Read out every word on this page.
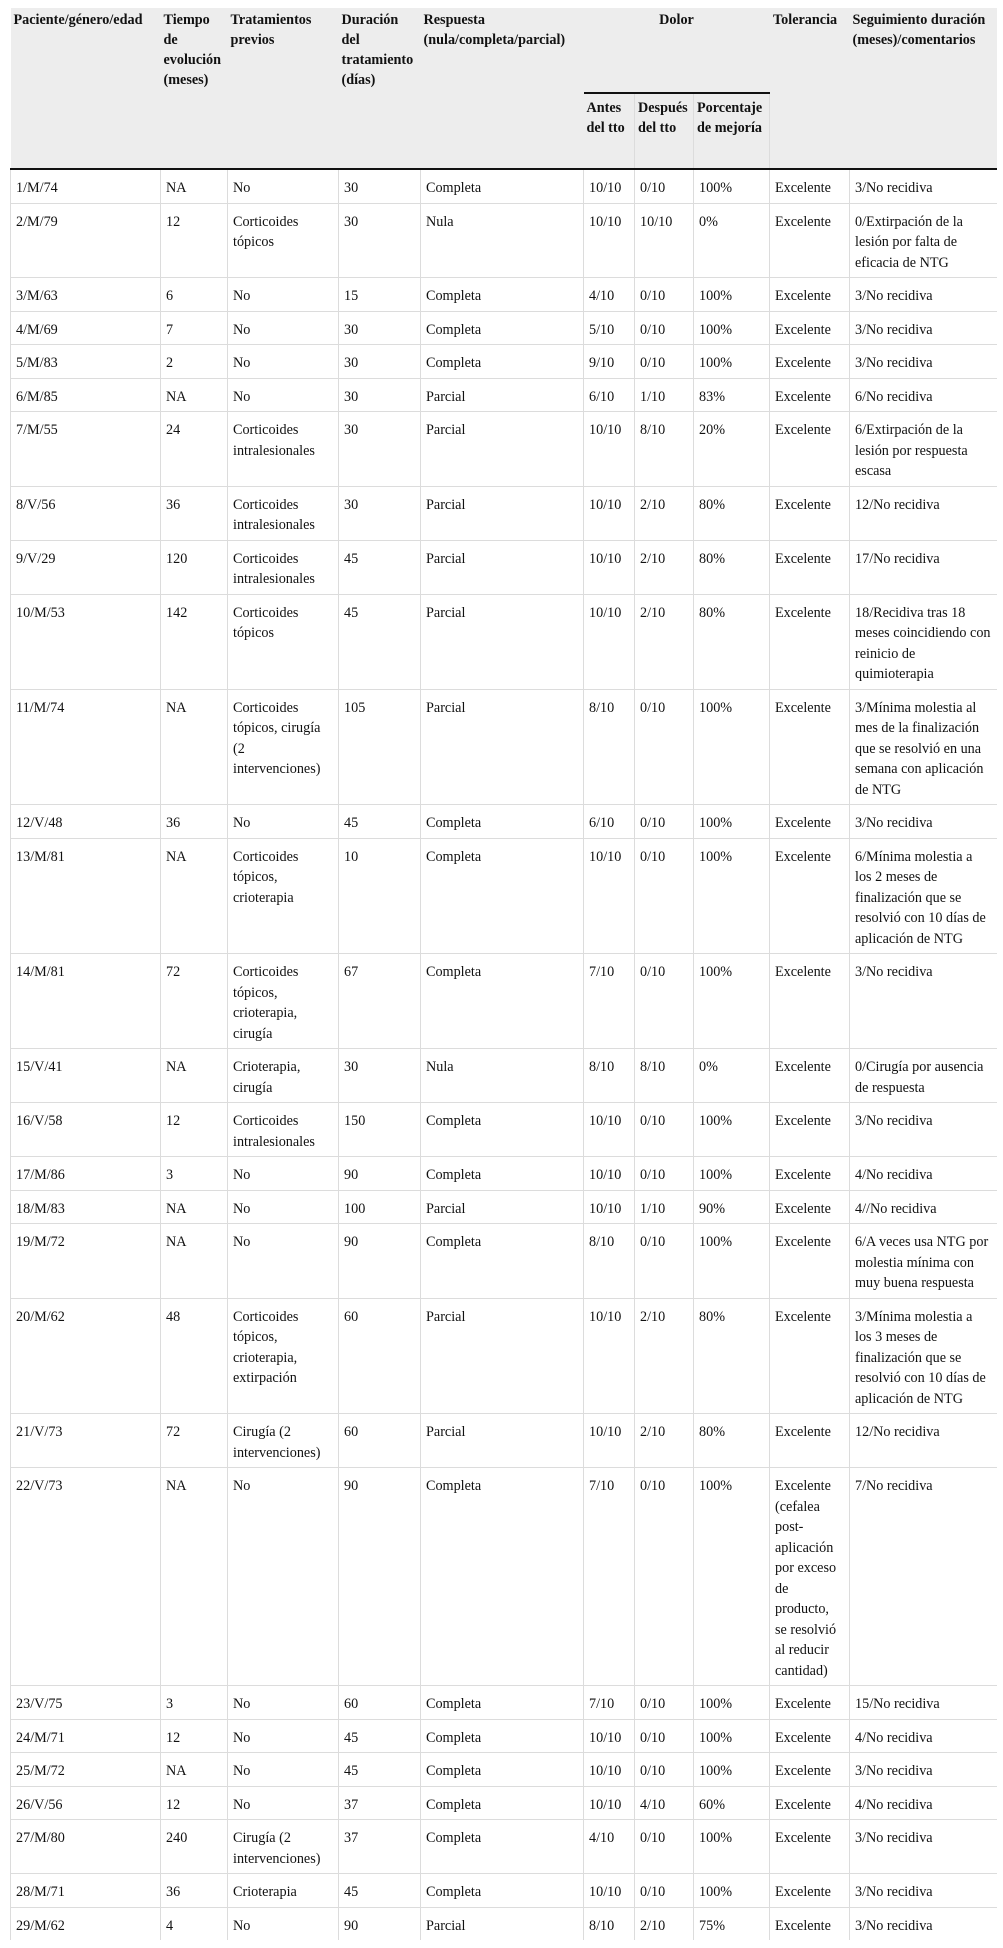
Paciente/género/edad	Tiempo de evolución (meses)	Tratamientos previos	Duración del tratamiento (días)	Respuesta (nula/completa/parcial)	Dolor			Tolerancia	Seguimiento duración (meses)/comentarios
					Antes del tto	Después del tto	Porcentaje de mejoría		
1/M/74	NA	No	30	Completa	10/10	0/10	100%	Excelente	3/No recidiva
2/M/79	12	Corticoides tópicos	30	Nula	10/10	10/10	0%	Excelente	0/Extirpación de la lesión por falta de eficacia de NTG
3/M/63	6	No	15	Completa	4/10	0/10	100%	Excelente	3/No recidiva
4/M/69	7	No	30	Completa	5/10	0/10	100%	Excelente	3/No recidiva
5/M/83	2	No	30	Completa	9/10	0/10	100%	Excelente	3/No recidiva
6/M/85	NA	No	30	Parcial	6/10	1/10	83%	Excelente	6/No recidiva
7/M/55	24	Corticoides intralesionales	30	Parcial	10/10	8/10	20%	Excelente	6/Extirpación de la lesión por respuesta escasa
8/V/56	36	Corticoides intralesionales	30	Parcial	10/10	2/10	80%	Excelente	12/No recidiva
9/V/29	120	Corticoides intralesionales	45	Parcial	10/10	2/10	80%	Excelente	17/No recidiva
10/M/53	142	Corticoides tópicos	45	Parcial	10/10	2/10	80%	Excelente	18/Recidiva tras 18 meses coincidiendo con reinicio de quimioterapia
11/M/74	NA	Corticoides tópicos, cirugía (2 intervenciones)	105	Parcial	8/10	0/10	100%	Excelente	3/Mínima molestia al mes de la finalización que se resolvió en una semana con aplicación de NTG
12/V/48	36	No	45	Completa	6/10	0/10	100%	Excelente	3/No recidiva
13/M/81	NA	Corticoides tópicos, crioterapia	10	Completa	10/10	0/10	100%	Excelente	6/Mínima molestia a los 2 meses de finalización que se resolvió con 10 días de aplicación de NTG
14/M/81	72	Corticoides tópicos, crioterapia, cirugía	67	Completa	7/10	0/10	100%	Excelente	3/No recidiva
15/V/41	NA	Crioterapia, cirugía	30	Nula	8/10	8/10	0%	Excelente	0/Cirugía por ausencia de respuesta
16/V/58	12	Corticoides intralesionales	150	Completa	10/10	0/10	100%	Excelente	3/No recidiva
17/M/86	3	No	90	Completa	10/10	0/10	100%	Excelente	4/No recidiva
18/M/83	NA	No	100	Parcial	10/10	1/10	90%	Excelente	4//No recidiva
19/M/72	NA	No	90	Completa	8/10	0/10	100%	Excelente	6/A veces usa NTG por molestia mínima con muy buena respuesta
20/M/62	48	Corticoides tópicos, crioterapia, extirpación	60	Parcial	10/10	2/10	80%	Excelente	3/Mínima molestia a los 3 meses de finalización que se resolvió con 10 días de aplicación de NTG
21/V/73	72	Cirugía (2 intervenciones)	60	Parcial	10/10	2/10	80%	Excelente	12/No recidiva
22/V/73	NA	No	90	Completa	7/10	0/10	100%	Excelente (cefalea post-aplicación por exceso de producto, se resolvió al reducir cantidad)	7/No recidiva
23/V/75	3	No	60	Completa	7/10	0/10	100%	Excelente	15/No recidiva
24/M/71	12	No	45	Completa	10/10	0/10	100%	Excelente	4/No recidiva
25/M/72	NA	No	45	Completa	10/10	0/10	100%	Excelente	3/No recidiva
26/V/56	12	No	37	Completa	10/10	4/10	60%	Excelente	4/No recidiva
27/M/80	240	Cirugía (2 intervenciones)	37	Completa	4/10	0/10	100%	Excelente	3/No recidiva
28/M/71	36	Crioterapia	45	Completa	10/10	0/10	100%	Excelente	3/No recidiva
29/M/62	4	No	90	Parcial	8/10	2/10	75%	Excelente	3/No recidiva
